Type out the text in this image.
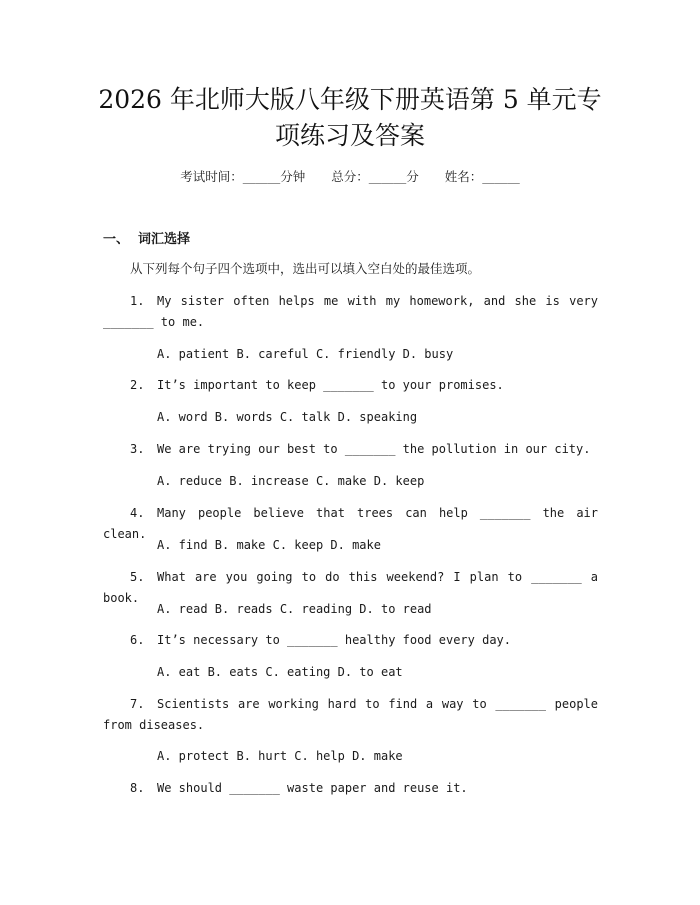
2026 年北师大版八年级下册英语第 5 单元专
项练习及答案
考试时间：______分钟 总分：______分 姓名：______
一、  词汇选择
从下列每个句子四个选项中，选出可以填入空白处的最佳选项。
1. My sister often helps me with my homework, and she is very _______ to me.
A. patient B. careful C. friendly D. busy
2. It’s important to keep _______ to your promises.
A. word B. words C. talk D. speaking
3. We are trying our best to _______ the pollution in our city.
A. reduce B. increase C. make D. keep
4. Many people believe that trees can help _______ the air clean.
A. find B. make C. keep D. make
5. What are you going to do this weekend? I plan to _______ a book.
A. read B. reads C. reading D. to read
6. It’s necessary to _______ healthy food every day.
A. eat B. eats C. eating D. to eat
7. Scientists are working hard to find a way to _______ people from diseases.
A. protect B. hurt C. help D. make
8. We should _______ waste paper and reuse it.
